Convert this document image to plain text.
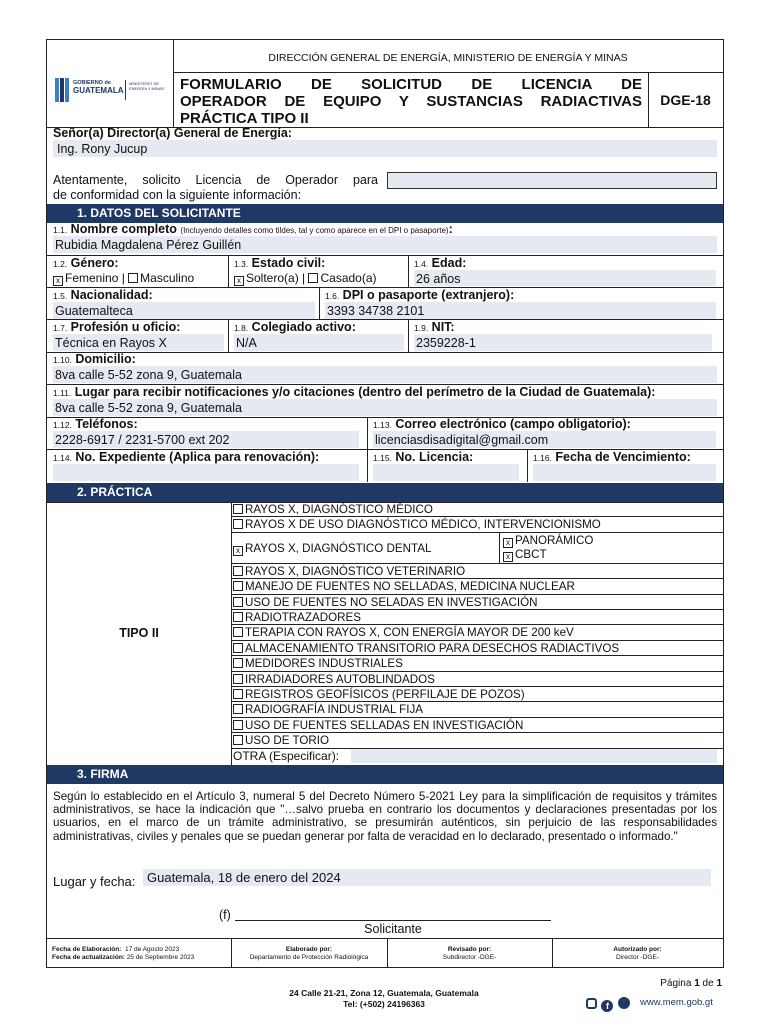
GOBIERNO de
GUATEMALA
MINISTERIO DE ENERGÍA Y MINAS
DIRECCIÓN GENERAL DE ENERGÍA, MINISTERIO DE ENERGÍA Y MINAS
FORMULARIO DE SOLICITUD DE LICENCIA DE
OPERADOR DE EQUIPO Y SUSTANCIAS RADIACTIVAS
PRÁCTICA TIPO II
DGE-18
Señor(a) Director(a) General de Energía:
Ing. Rony Jucup
Atentamente, solicito Licencia de Operador para
de conformidad con la siguiente información:
1. DATOS DEL SOLICITANTE
1.1. Nombre completo (Incluyendo detalles como tildes, tal y como aparece en el DPI o pasaporte):
Rubidia Magdalena Pérez Guillén
1.2. Género:
x Femenino | Masculino
1.3. Estado civil:
x Soltero(a) | Casado(a)
1.4. Edad:
26 años
1.5. Nacionalidad:
Guatemalteca
1.6. DPI o pasaporte (extranjero):
3393 34738 2101
1.7. Profesión u oficio:
Técnica en Rayos X
1.8. Colegiado activo:
N/A
1.9. NIT:
2359228-1
1.10. Domicilio:
8va calle 5-52 zona 9, Guatemala
1.11. Lugar para recibir notificaciones y/o citaciones (dentro del perímetro de la Ciudad de Guatemala):
8va calle 5-52 zona 9, Guatemala
1.12. Teléfonos:
2228-6917 / 2231-5700 ext 202
1.13. Correo electrónico (campo obligatorio):
licenciasdisadigital@gmail.com
1.14. No. Expediente (Aplica para renovación):	1.15. No. Licencia:	1.16. Fecha de Vencimiento:
2. PRÁCTICA
TIPO II
OTRA (Especificar):
3. FIRMA
Según lo establecido en el Artículo 3, numeral 5 del Decreto Número 5-2021 Ley para la simplificación de requisitos y trámites administrativos, se hace la indicación que "…salvo prueba en contrario los documentos y declaraciones presentadas por los usuarios, en el marco de un trámite administrativo, se presumirán auténticos, sin perjuicio de las responsabilidades administrativas, civiles y penales que se puedan generar por falta de veracidad en lo declarado, presentado o informado."
Lugar y fecha: Guatemala, 18 de enero del 2024
(f)
Solicitante
Fecha de Elaboración: 17 de Agosto 2023
Fecha de actualización: 25 de Septiembre 2023
Elaborado por:
Departamento de Protección Radiológica
Revisado por:
Subdirector -DGE-
Autorizado por:
Director -DGE-
RAYOS X, DIAGNÓSTICO MÉDICO
RAYOS X DE USO DIAGNÓSTICO MÉDICO, INTERVENCIONISMO
x RAYOS X, DIAGNÓSTICO DENTAL	x PANORÁMICO
x CBCT
RAYOS X, DIAGNÓSTICO VETERINARIO
MANEJO DE FUENTES NO SELLADAS, MEDICINA NUCLEAR
USO DE FUENTES NO SELADAS EN INVESTIGACIÓN
RADIOTRAZADORES
TERAPIA CON RAYOS X, CON ENERGÍA MAYOR DE 200 keV
ALMACENAMIENTO TRANSITORIO PARA DESECHOS RADIACTIVOS
MEDIDORES INDUSTRIALES
IRRADIADORES AUTOBLINDADOS
REGISTROS GEOFÍSICOS (PERFILAJE DE POZOS)
RADIOGRAFÍA INDUSTRIAL FIJA
USO DE FUENTES SELLADAS EN INVESTIGACIÓN
USO DE TORIO
Página 1 de 1
24 Calle 21-21, Zona 12, Guatemala, Guatemala
Tel: (+502) 24196363	f	www.mem.gob.gt
